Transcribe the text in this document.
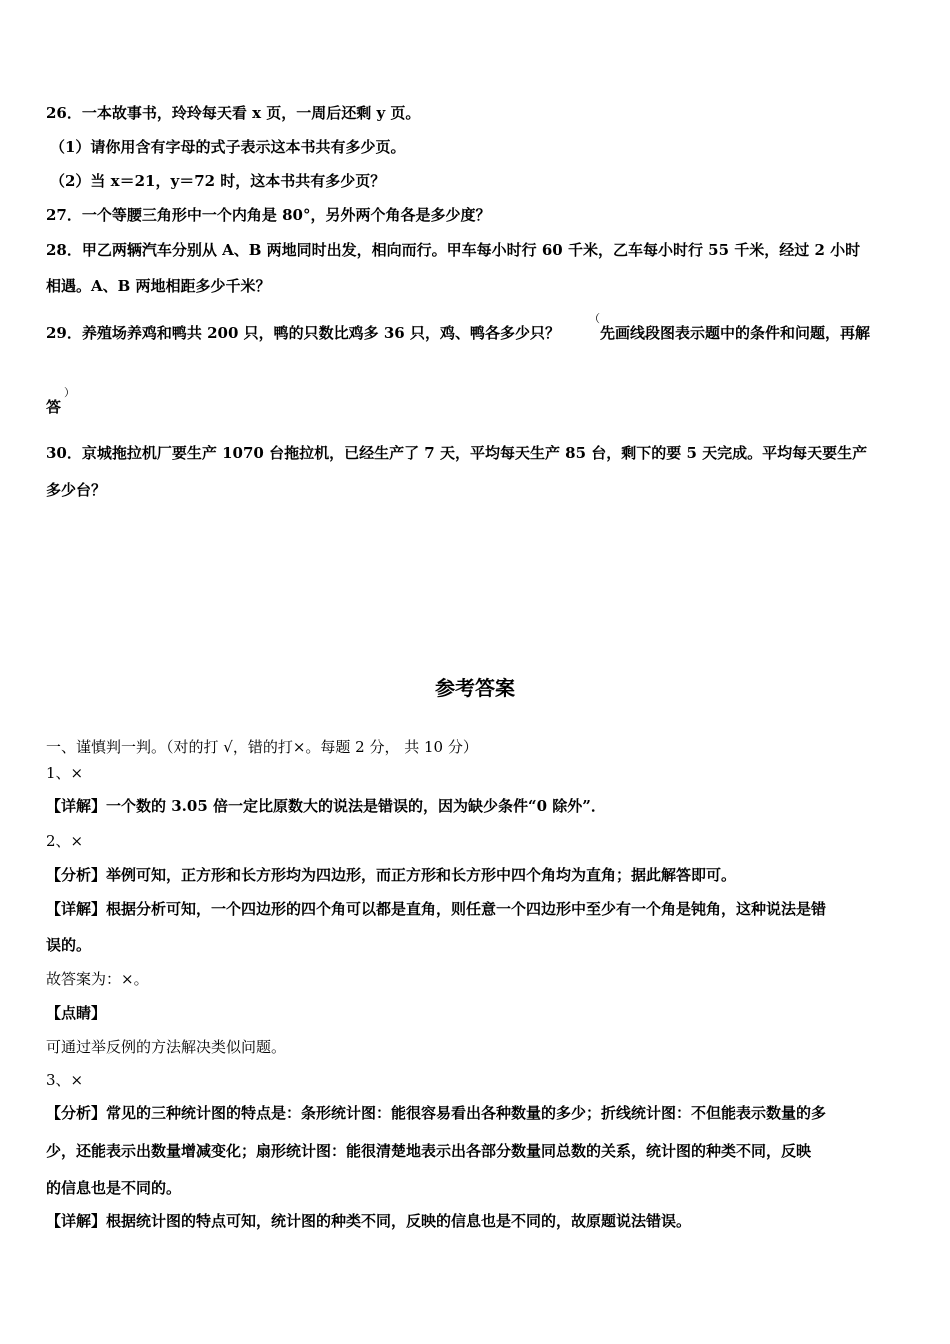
26．一本故事书，玲玲每天看 x 页，一周后还剩 y 页。
（1）请你用含有字母的式子表示这本书共有多少页。
（2）当 x＝21，y＝72 时，这本书共有多少页？
27．一个等腰三角形中一个内角是 80°，另外两个角各是多少度？
28．甲乙两辆汽车分别从 A、B 两地同时出发，相向而行。甲车每小时行 60 千米，乙车每小时行 55 千米，经过 2 小时
相遇。A、B 两地相距多少千米？
29．养殖场养鸡和鸭共 200 只，鸭的只数比鸡多 36 只，鸡、鸭各多少只？
（
先画线段图表示题中的条件和问题，再解
）
答
30．京城拖拉机厂要生产 1070 台拖拉机，已经生产了 7 天，平均每天生产 85 台，剩下的要 5 天完成。平均每天要生产
多少台？
参考答案
一、谨慎判一判。（对的打 √，错的打×。每题 2 分， 共 10 分）
1、×
【详解】一个数的 3.05 倍一定比原数大的说法是错误的，因为缺少条件“0 除外”．
2、×
【分析】举例可知，正方形和长方形均为四边形，而正方形和长方形中四个角均为直角；据此解答即可。
【详解】根据分析可知，一个四边形的四个角可以都是直角，则任意一个四边形中至少有一个角是钝角，这种说法是错
误的。
故答案为：×。
【点睛】
可通过举反例的方法解决类似问题。
3、×
【分析】常见的三种统计图的特点是：条形统计图：能很容易看出各种数量的多少；折线统计图：不但能表示数量的多
少，还能表示出数量增减变化；扇形统计图：能很清楚地表示出各部分数量同总数的关系，统计图的种类不同，反映
的信息也是不同的。
【详解】根据统计图的特点可知，统计图的种类不同，反映的信息也是不同的，故原题说法错误。
